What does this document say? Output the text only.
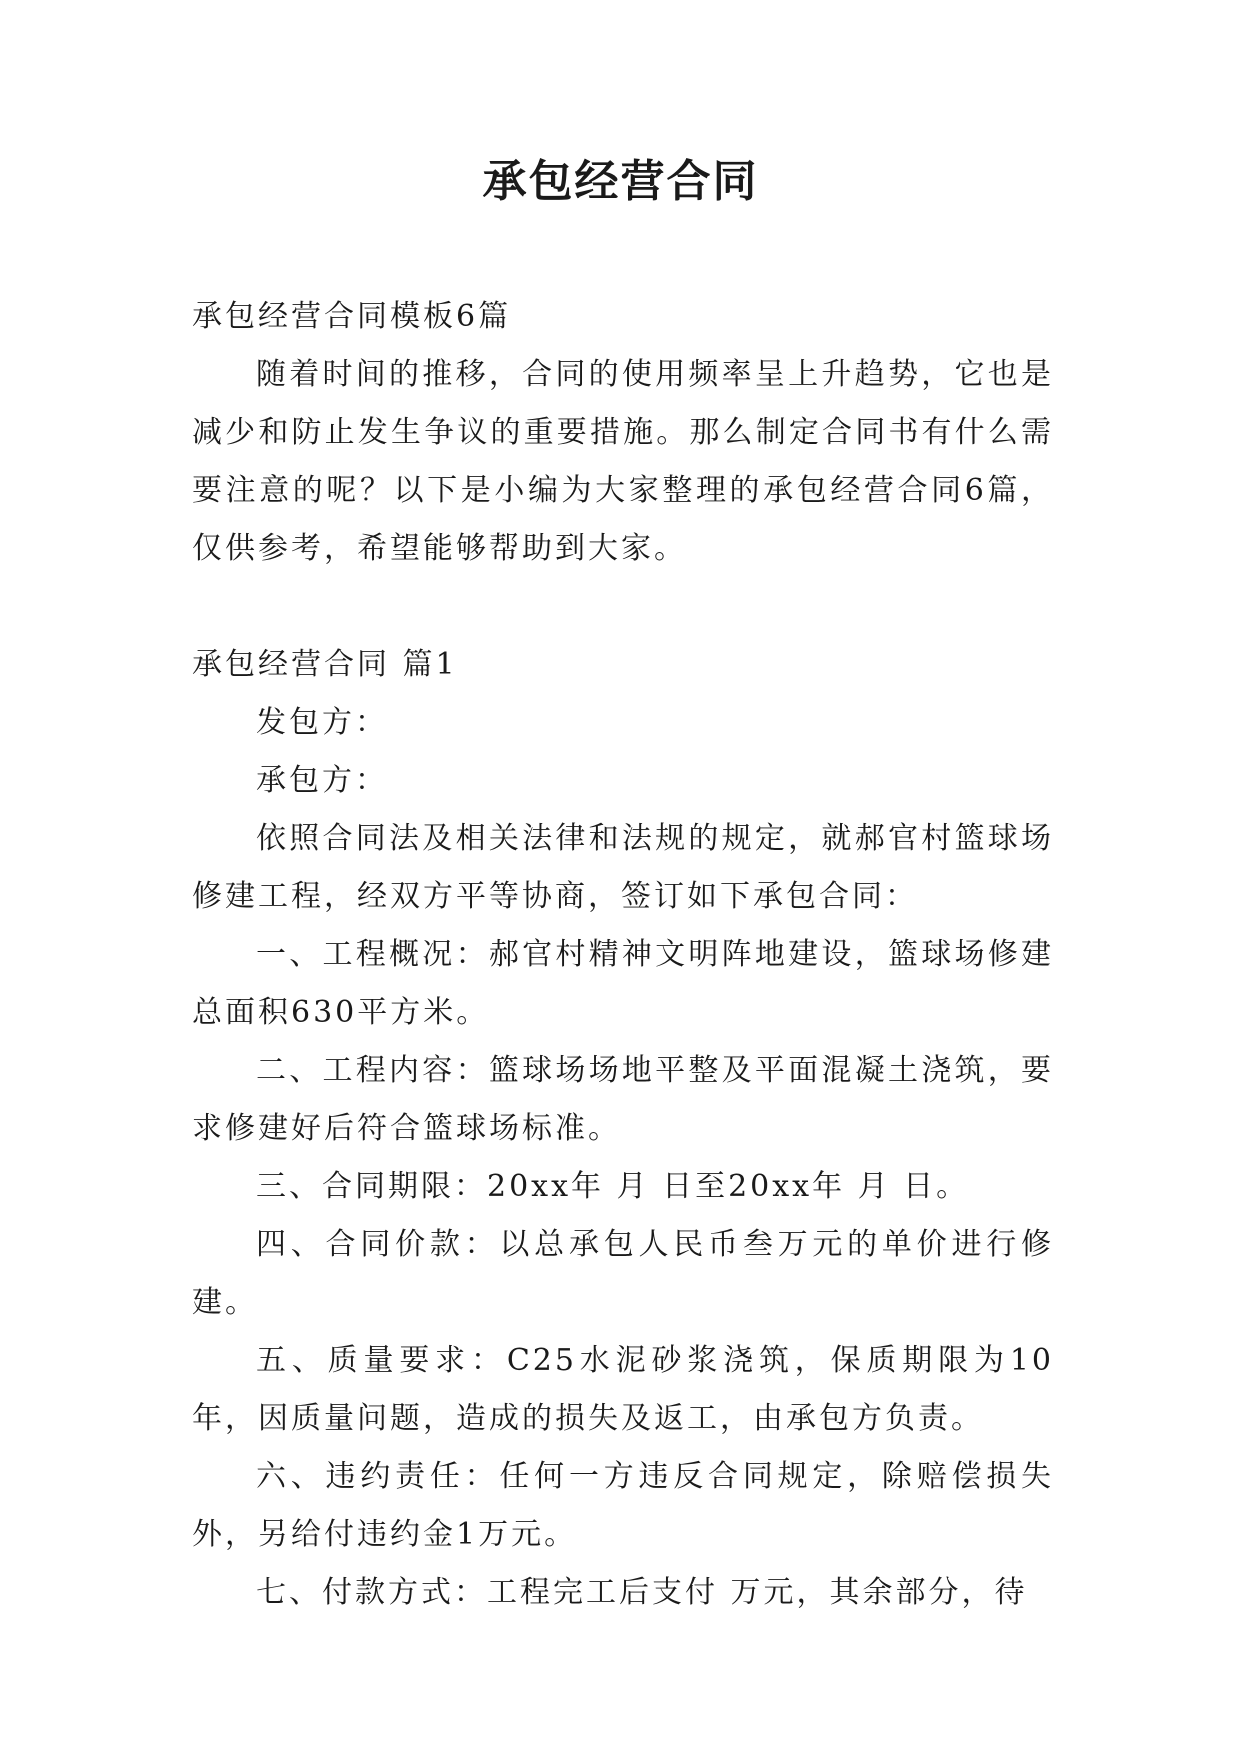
承包经营合同

承包经营合同模板6篇

随着时间的推移，合同的使用频率呈上升趋势，它也是减少和防止发生争议的重要措施。那么制定合同书有什么需要注意的呢？以下是小编为大家整理的承包经营合同6篇，仅供参考，希望能够帮助到大家。

承包经营合同 篇1

发包方：

承包方：

依照合同法及相关法律和法规的规定，就郝官村篮球场修建工程，经双方平等协商，签订如下承包合同：

一、工程概况：郝官村精神文明阵地建设，篮球场修建总面积630平方米。

二、工程内容：篮球场场地平整及平面混凝土浇筑，要求修建好后符合篮球场标准。

三、合同期限：20xx年 月 日至20xx年 月 日。

四、合同价款：以总承包人民币叁万元的单价进行修建。

五、质量要求：C25水泥砂浆浇筑，保质期限为10年，因质量问题，造成的损失及返工，由承包方负责。

六、违约责任：任何一方违反合同规定，除赔偿损失外，另给付违约金1万元。

七、付款方式：工程完工后支付 万元，其余部分，待
